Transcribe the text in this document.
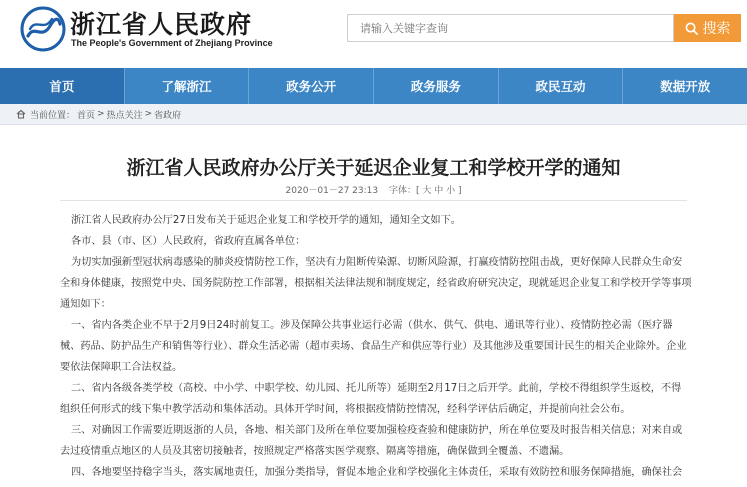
浙江省人民政府
The People's Government of Zhejiang Province
请输入关键字查询
搜索
首页	了解浙江	政务公开	政务服务	政民互动	数据开放
当前位置： 首页 > 热点关注 > 省政府
浙江省人民政府办公厅关于延迟企业复工和学校开学的通知
2020－01－27 23:13 字体：[ 大 中 小 ]

浙江省人民政府办公厅27日发布关于延迟企业复工和学校开学的通知，通知全文如下。

各市、县（市、区）人民政府，省政府直属各单位：

为切实加强新型冠状病毒感染的肺炎疫情防控工作，坚决有力阻断传染源、切断风险源，打赢疫情防控阻击战，更好保障人民群众生命安

全和身体健康，按照党中央、国务院防控工作部署，根据相关法律法规和制度规定，经省政府研究决定，现就延迟企业复工和学校开学等事项

通知如下：

一、省内各类企业不早于2月9日24时前复工。涉及保障公共事业运行必需（供水、供气、供电、通讯等行业）、疫情防控必需（医疗器

械、药品、防护品生产和销售等行业）、群众生活必需（超市卖场、食品生产和供应等行业）及其他涉及重要国计民生的相关企业除外。企业

要依法保障职工合法权益。

二、省内各级各类学校（高校、中小学、中职学校、幼儿园、托儿所等）延期至2月17日之后开学。此前，学校不得组织学生返校，不得

组织任何形式的线下集中教学活动和集体活动。具体开学时间，将根据疫情防控情况，经科学评估后确定，并提前向社会公布。

三、对确因工作需要近期返浙的人员，各地、相关部门及所在单位要加强检疫查验和健康防护，所在单位要及时报告相关信息；对来自或

去过疫情重点地区的人员及其密切接触者，按照规定严格落实医学观察、隔离等措施，确保做到全覆盖、不遗漏。

四、各地要坚持稳字当头，落实属地责任，加强分类指导，督促本地企业和学校强化主体责任，采取有效防控和服务保障措施，确保社会
